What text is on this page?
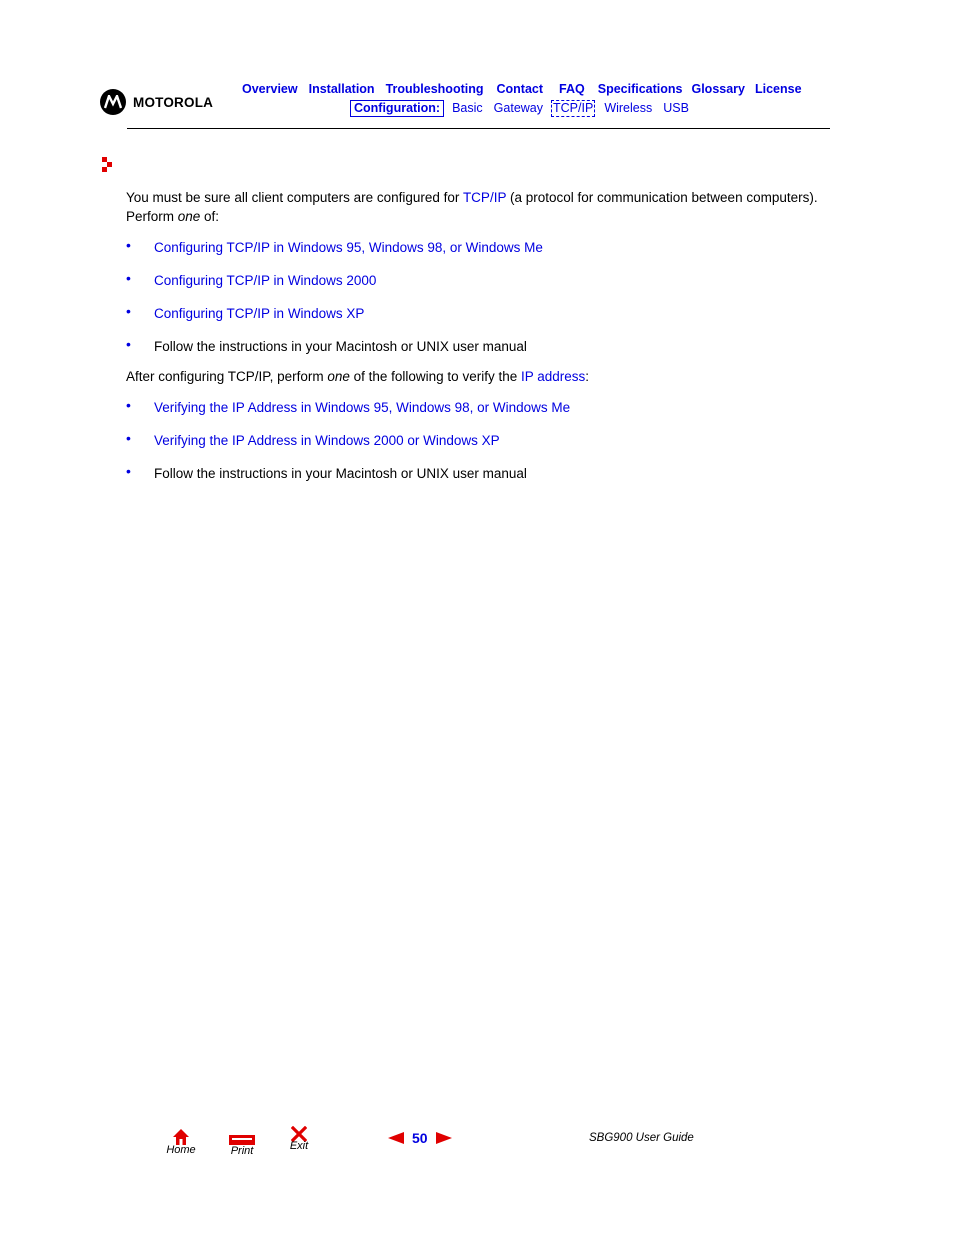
MOTOROLA
Overview Installation Troubleshooting Contact FAQ Specifications Glossary License
Configuration: Basic Gateway TCP/IP Wireless USB

You must be sure all client computers are configured for TCP/IP (a protocol for communication between computers). Perform one of:

• Configuring TCP/IP in Windows 95, Windows 98, or Windows Me
• Configuring TCP/IP in Windows 2000
• Configuring TCP/IP in Windows XP
• Follow the instructions in your Macintosh or UNIX user manual

After configuring TCP/IP, perform one of the following to verify the IP address:

• Verifying the IP Address in Windows 95, Windows 98, or Windows Me
• Verifying the IP Address in Windows 2000 or Windows XP
• Follow the instructions in your Macintosh or UNIX user manual
Home	Print	Exit	50	SBG900 User Guide
